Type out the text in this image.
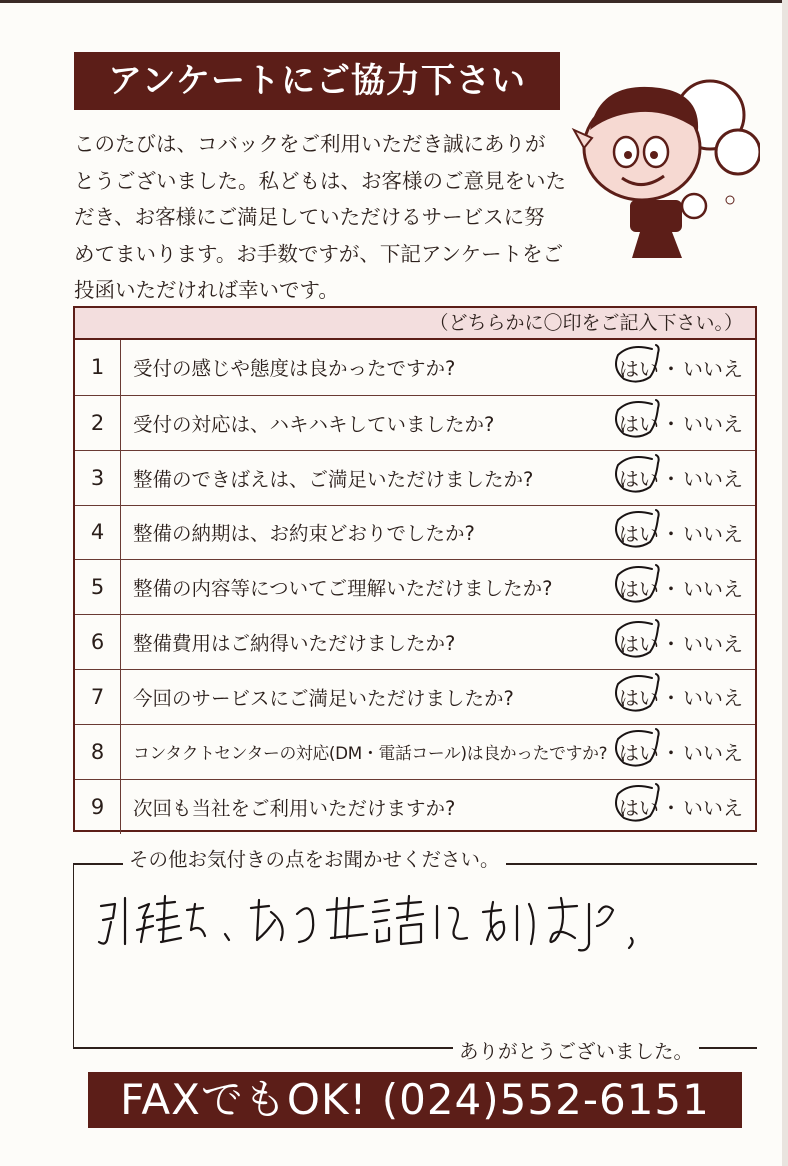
アンケートにご協力下さい
このたびは、コバックをご利用いただき誠にありが
とうございました。私どもは、お客様のご意見をいた
だき、お客様にご満足していただけるサービスに努
めてまいります。お手数ですが、下記アンケートをご
投函いただければ幸いです。
（どちらかに〇印をご記入下さい。）
1	受付の感じや態度は良かったですか?	はい ・ いいえ
2	受付の対応は、ハキハキしていましたか?	はい ・ いいえ
3	整備のできばえは、ご満足いただけましたか?	はい ・ いいえ
4	整備の納期は、お約束どおりでしたか?	はい ・ いいえ
5	整備の内容等についてご理解いただけましたか?	はい ・ いいえ
6	整備費用はご納得いただけましたか?	はい ・ いいえ
7	今回のサービスにご満足いただけましたか?	はい ・ いいえ
8	コンタクトセンターの対応(DM・電話コール)は良かったですか? はい ・ いいえ
9	次回も当社をご利用いただけますか?	はい ・ いいえ
その他お気付きの点をお聞かせください。
ありがとうございました。
FAXでもOK! (024)552-6151
